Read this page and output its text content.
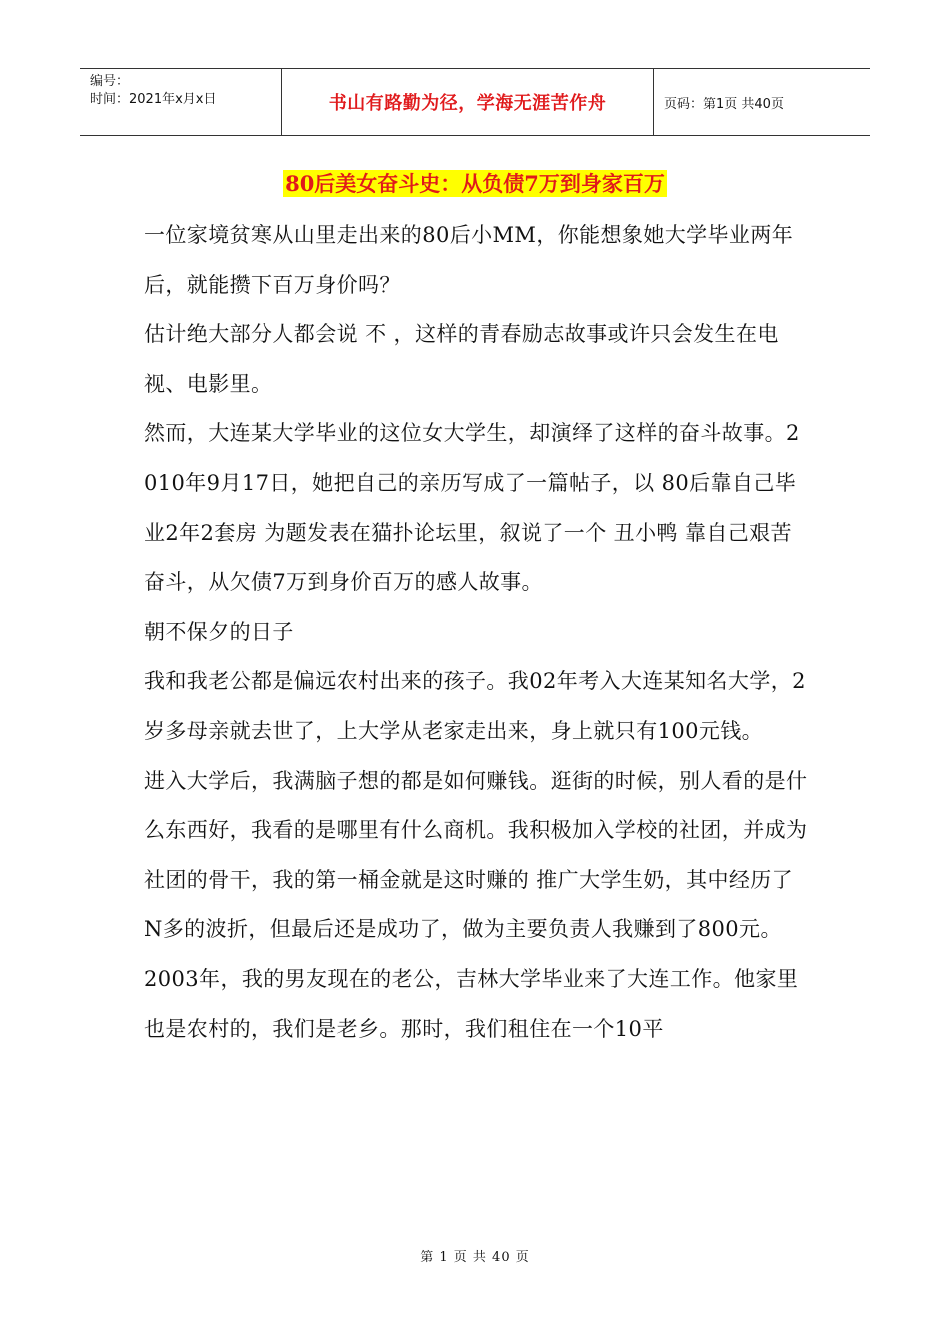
编号：
时间：2021年x月x日	书山有路勤为径，学海无涯苦作舟	页码：第1页 共40页
80后美女奋斗史：从负债7万到身家百万

一位家境贫寒从山里走出来的80后小MM，你能想象她大学毕业两年后，就能攒下百万身价吗？

估计绝大部分人都会说 不 ，这样的青春励志故事或许只会发生在电视、电影里。

然而，大连某大学毕业的这位女大学生，却演绎了这样的奋斗故事。2010年9月17日，她把自己的亲历写成了一篇帖子，以 80后靠自己毕业2年2套房 为题发表在猫扑论坛里，叙说了一个 丑小鸭 靠自己艰苦奋斗，从欠债7万到身价百万的感人故事。

朝不保夕的日子

我和我老公都是偏远农村出来的孩子。我02年考入大连某知名大学，2岁多母亲就去世了，上大学从老家走出来，身上就只有100元钱。

进入大学后，我满脑子想的都是如何赚钱。逛街的时候，别人看的是什么东西好，我看的是哪里有什么商机。我积极加入学校的社团，并成为社团的骨干，我的第一桶金就是这时赚的 推广大学生奶，其中经历了N多的波折，但最后还是成功了，做为主要负责人我赚到了800元。

2003年，我的男友现在的老公，吉林大学毕业来了大连工作。他家里也是农村的，我们是老乡。那时，我们租住在一个10平

第 1 页 共 40 页
